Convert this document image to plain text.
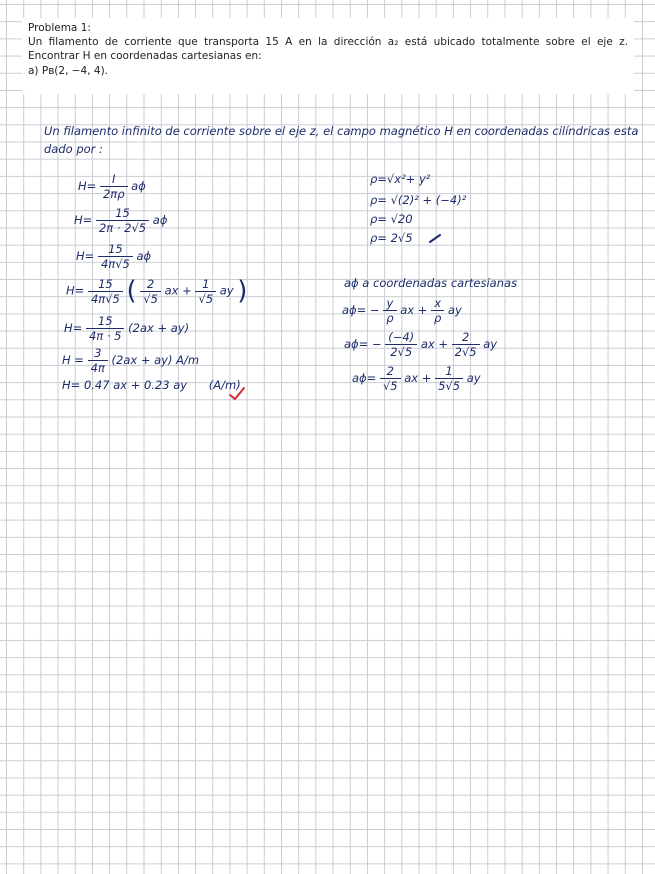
Problema 1:
Un filamento de corriente que transporta 15 A en la dirección a₂ está ubicado totalmente sobre el eje z. Encontrar H en coordenadas cartesianas en:
a) Pʙ(2, −4, 4).
Un filamento infinito de corriente sobre el eje z, el campo magnético H en coordenadas cilíndricas esta
dado por :
$H= \frac{I}{2\pi\rho}$ aϕ
$H= \frac{15}{2\pi \cdot 2√5}$ aϕ
$H= \frac{15}{4\pi√5}$ aϕ
$H= \frac{15}{4\pi√5}$ ( $\frac{2}{√5}$ ax + $\frac{1}{√5}$ ay )
$H= \frac{15}{4\pi \cdot 5} (2ax + ay)$
$H = \frac{3}{4\pi} (2ax + ay)$ A/m
H= 0.47 ax + 0.23 ay (A/m)
ρ=√x²+ y²
ρ= √(2)² + (−4)²
ρ= √20
ρ= 2√5
aϕ a coordenadas cartesianas
$a\phi= - \frac{y}{\rho}$ ax + $\frac{x}{\rho}$ ay
$a\phi= - \frac{(-4)}{2√5}$ ax + $\frac{2}{2√5}$ ay
$a\phi= \frac{2}{√5}$ ax + $\frac{1}{5√5}$ ay
